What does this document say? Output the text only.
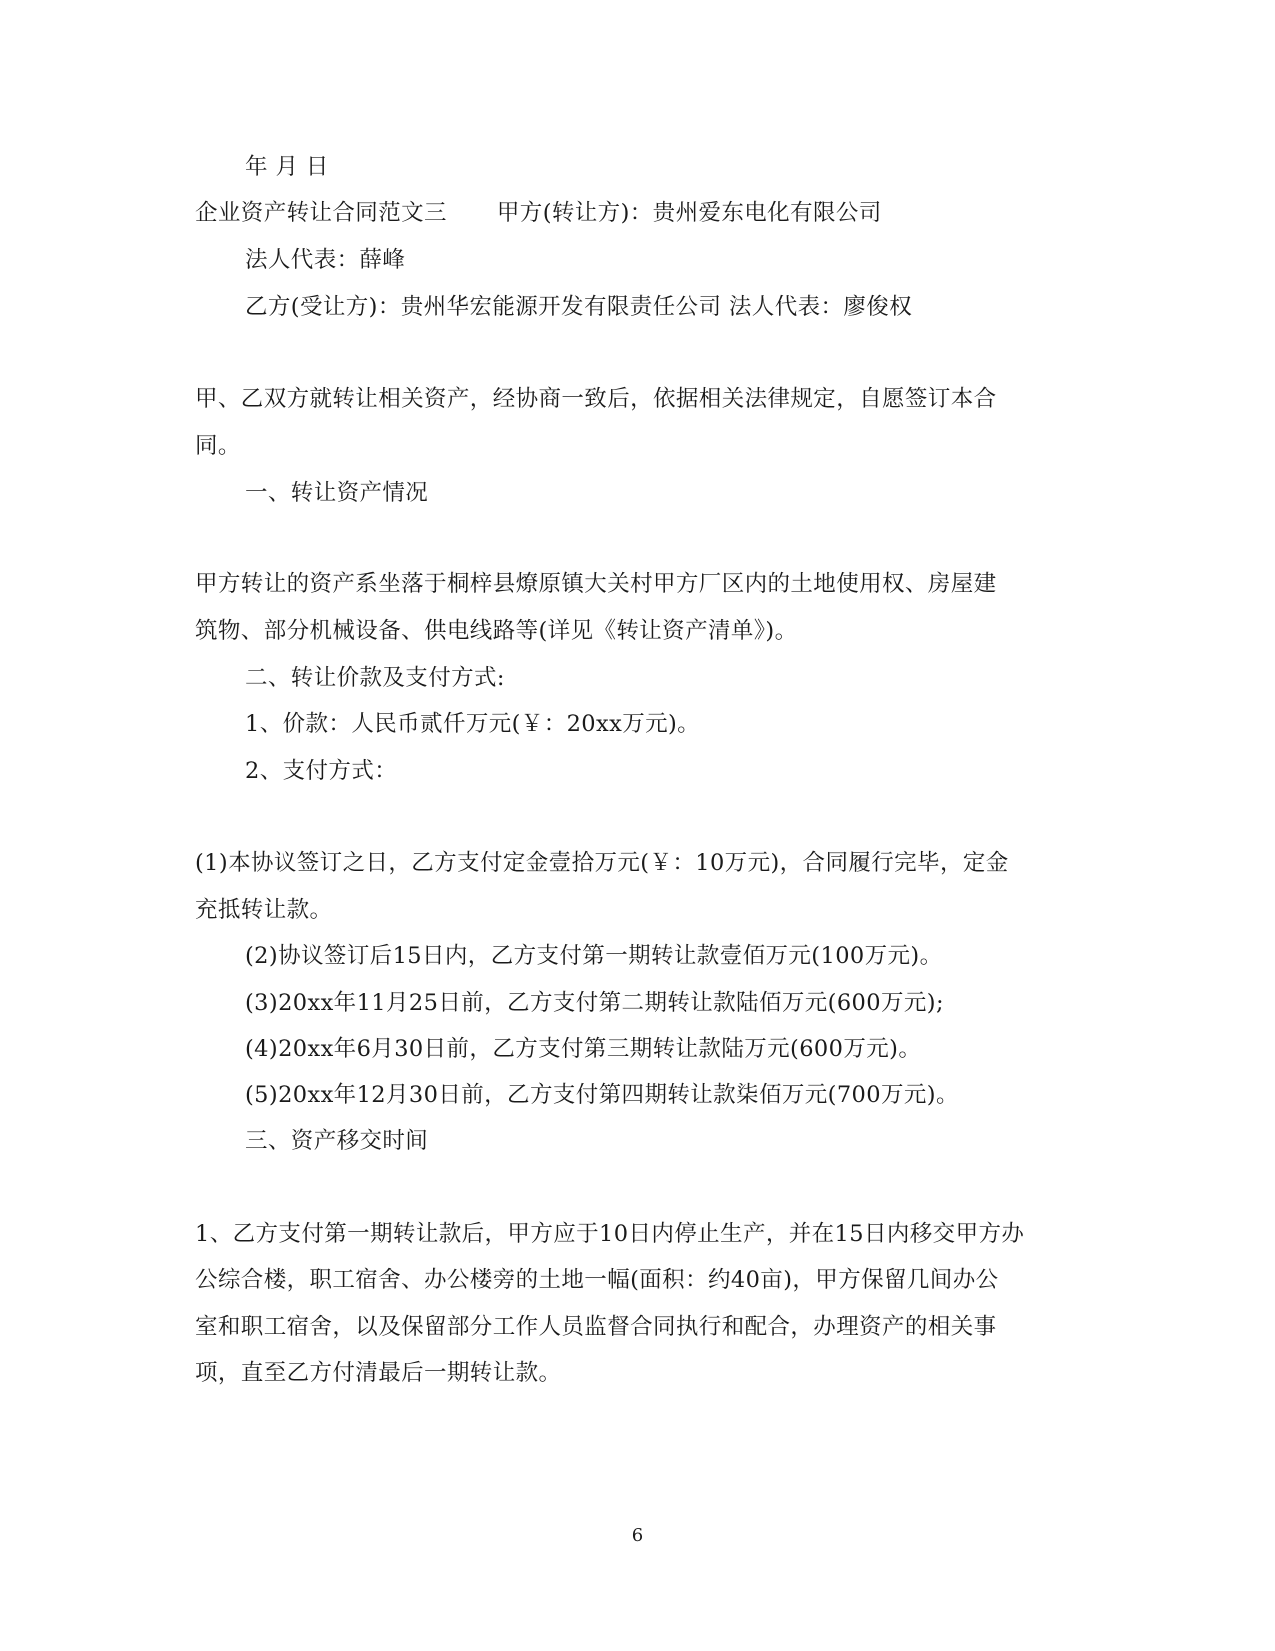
年 月 日
企业资产转让合同范文三 甲方(转让方)：贵州爱东电化有限公司
法人代表：薛峰
乙方(受让方)：贵州华宏能源开发有限责任公司 法人代表：廖俊权
甲、乙双方就转让相关资产，经协商一致后，依据相关法律规定，自愿签订本合
同。
一、转让资产情况
甲方转让的资产系坐落于桐梓县燎原镇大关村甲方厂区内的土地使用权、房屋建
筑物、部分机械设备、供电线路等(详见《转让资产清单》)。
二、转让价款及支付方式:
1、价款：人民币贰仟万元(￥：20xx万元)。
2、支付方式：
(1)本协议签订之日，乙方支付定金壹拾万元(￥：10万元)，合同履行完毕，定金
充抵转让款。
(2)协议签订后15日内，乙方支付第一期转让款壹佰万元(100万元)。
(3)20xx年11月25日前，乙方支付第二期转让款陆佰万元(600万元);
(4)20xx年6月30日前，乙方支付第三期转让款陆万元(600万元)。
(5)20xx年12月30日前，乙方支付第四期转让款柒佰万元(700万元)。
三、资产移交时间
1、乙方支付第一期转让款后，甲方应于10日内停止生产，并在15日内移交甲方办
公综合楼，职工宿舍、办公楼旁的土地一幅(面积：约40亩)，甲方保留几间办公
室和职工宿舍，以及保留部分工作人员监督合同执行和配合，办理资产的相关事
项，直至乙方付清最后一期转让款。
6
